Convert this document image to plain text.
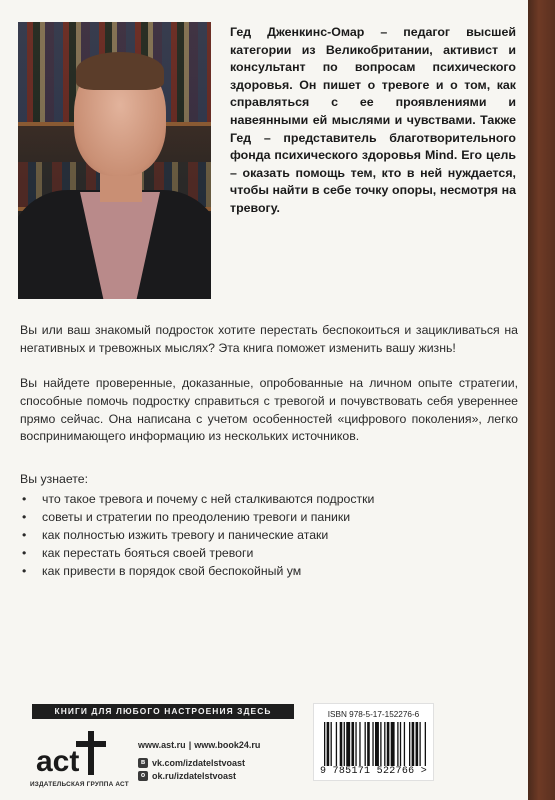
Гед Дженкинс-Омар – педагог высшей категории из Великобритании, активист и консультант по вопросам психического здоровья. Он пишет о тревоге и о том, как справляться с ее проявлениями и навеянными ей мыслями и чувствами. Также Гед – представитель благотворительного фонда психического здоровья Mind. Его цель – оказать помощь тем, кто в ней нуждается, чтобы найти в себе точку опоры, несмотря на тревогу.

Вы или ваш знакомый подросток хотите перестать беспокоиться и зацикливаться на негативных и тревожных мыслях? Эта книга поможет изменить вашу жизнь!

Вы найдете проверенные, доказанные, опробованные на личном опыте стратегии, способные помочь подростку справиться с тревогой и почувствовать себя увереннее прямо сейчас. Она написана с учетом особенностей «цифрового поколения», легко воспринимающего информацию из нескольких источников.

Вы узнаете:
• что такое тревога и почему с ней сталкиваются подростки
• советы и стратегии по преодолению тревоги и паники
• как полностью изжить тревогу и панические атаки
• как перестать бояться своей тревоги
• как привести в порядок свой беспокойный ум
КНИГИ ДЛЯ ЛЮБОГО НАСТРОЕНИЯ ЗДЕСЬ
act
ИЗДАТЕЛЬСКАЯ ГРУППА АСТ
www.ast.ru | www.book24.ru
в vk.com/izdatelstvoast
о ok.ru/izdatelstvoast
ISBN 978-5-17-152276-6
9 785171 522766 >
